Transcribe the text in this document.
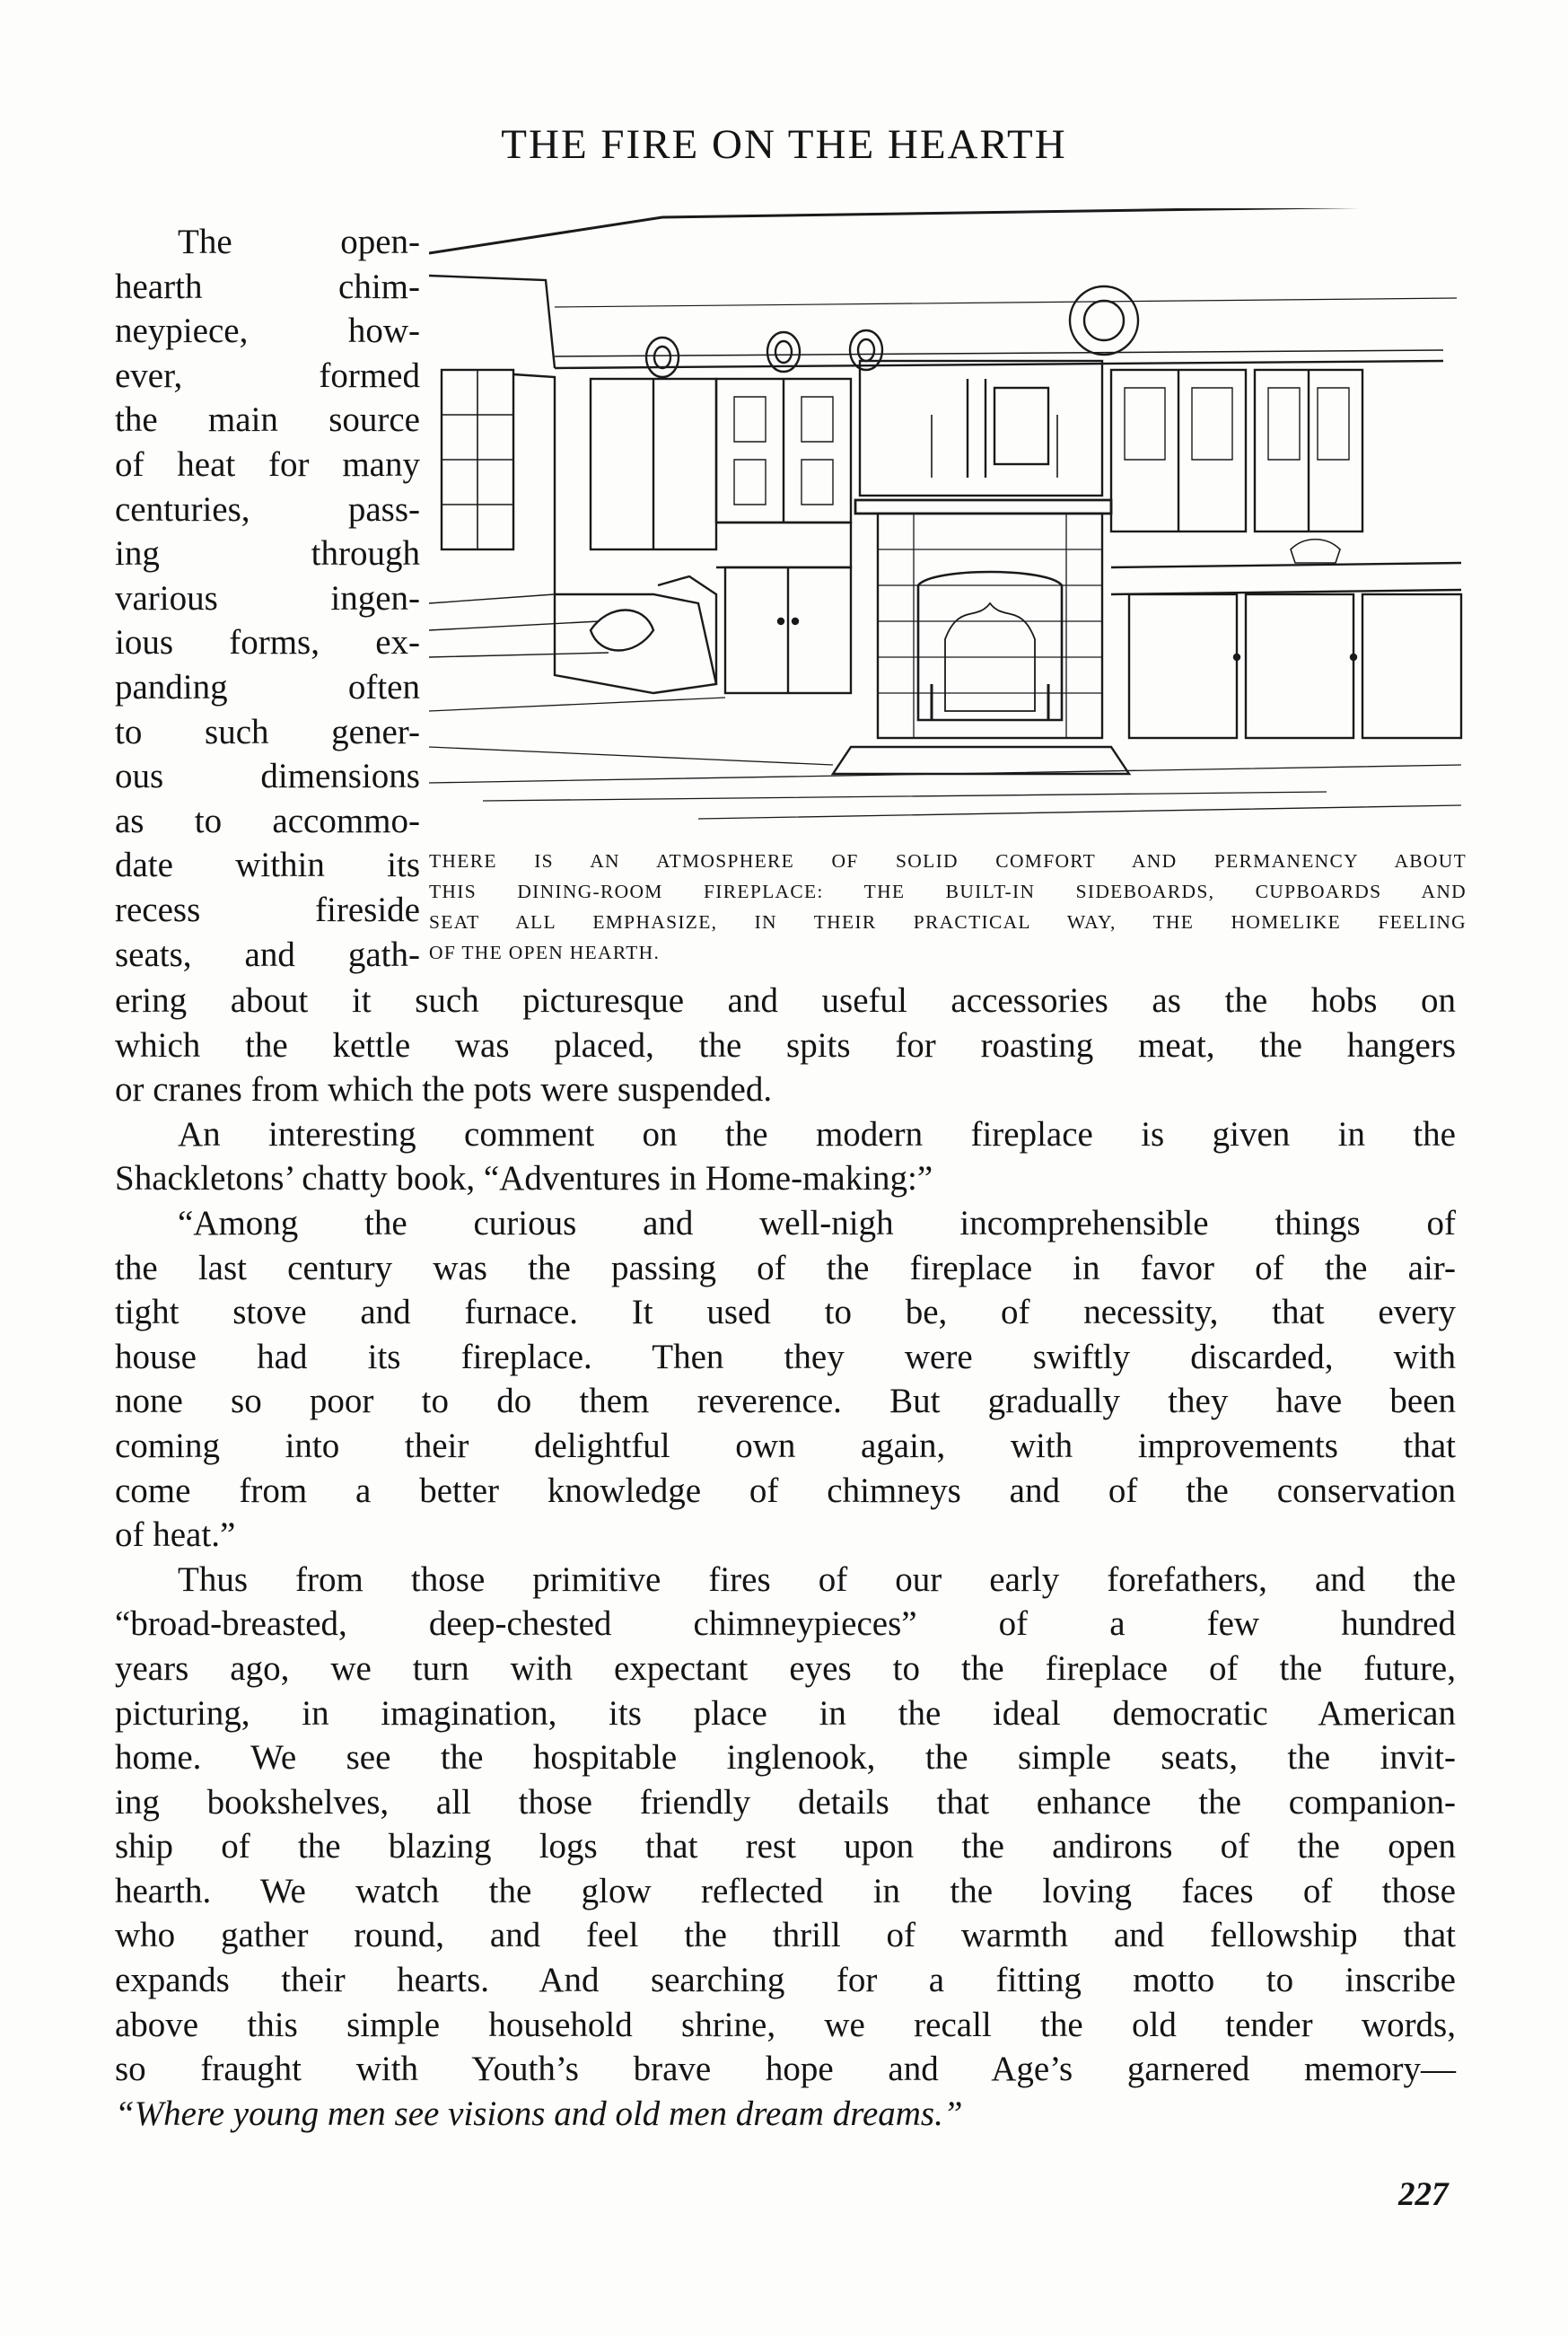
THE FIRE ON THE HEARTH
THERE IS AN ATMOSPHERE OF SOLID COMFORT AND PERMANENCY ABOUT
THIS DINING-ROOM FIREPLACE: THE BUILT-IN SIDEBOARDS, CUPBOARDS AND
SEAT ALL EMPHASIZE, IN THEIR PRACTICAL WAY, THE HOMELIKE FEELING
OF THE OPEN HEARTH.
The open-
hearth chim-
neypiece, how-
ever, formed
the main source
of heat for many
centuries, pass-
ing through
various ingen-
ious forms, ex-
panding often
to such gener-
ous dimensions
as to accommo-
date within its
recess fireside
seats, and gath-
ering about it such picturesque and useful accessories as the hobs on
which the kettle was placed, the spits for roasting meat, the hangers
or cranes from which the pots were suspended.
An interesting comment on the modern fireplace is given in the
Shackletons’ chatty book, “Adventures in Home-making:”
“Among the curious and well-nigh incomprehensible things of
the last century was the passing of the fireplace in favor of the air-
tight stove and furnace. It used to be, of necessity, that every
house had its fireplace. Then they were swiftly discarded, with
none so poor to do them reverence. But gradually they have been
coming into their delightful own again, with improvements that
come from a better knowledge of chimneys and of the conservation
of heat.”
Thus from those primitive fires of our early forefathers, and the
“broad-breasted, deep-chested chimneypieces” of a few hundred
years ago, we turn with expectant eyes to the fireplace of the future,
picturing, in imagination, its place in the ideal democratic American
home. We see the hospitable inglenook, the simple seats, the invit-
ing bookshelves, all those friendly details that enhance the companion-
ship of the blazing logs that rest upon the andirons of the open
hearth. We watch the glow reflected in the loving faces of those
who gather round, and feel the thrill of warmth and fellowship that
expands their hearts. And searching for a fitting motto to inscribe
above this simple household shrine, we recall the old tender words,
so fraught with Youth’s brave hope and Age’s garnered memory—
“Where young men see visions and old men dream dreams.”
227
